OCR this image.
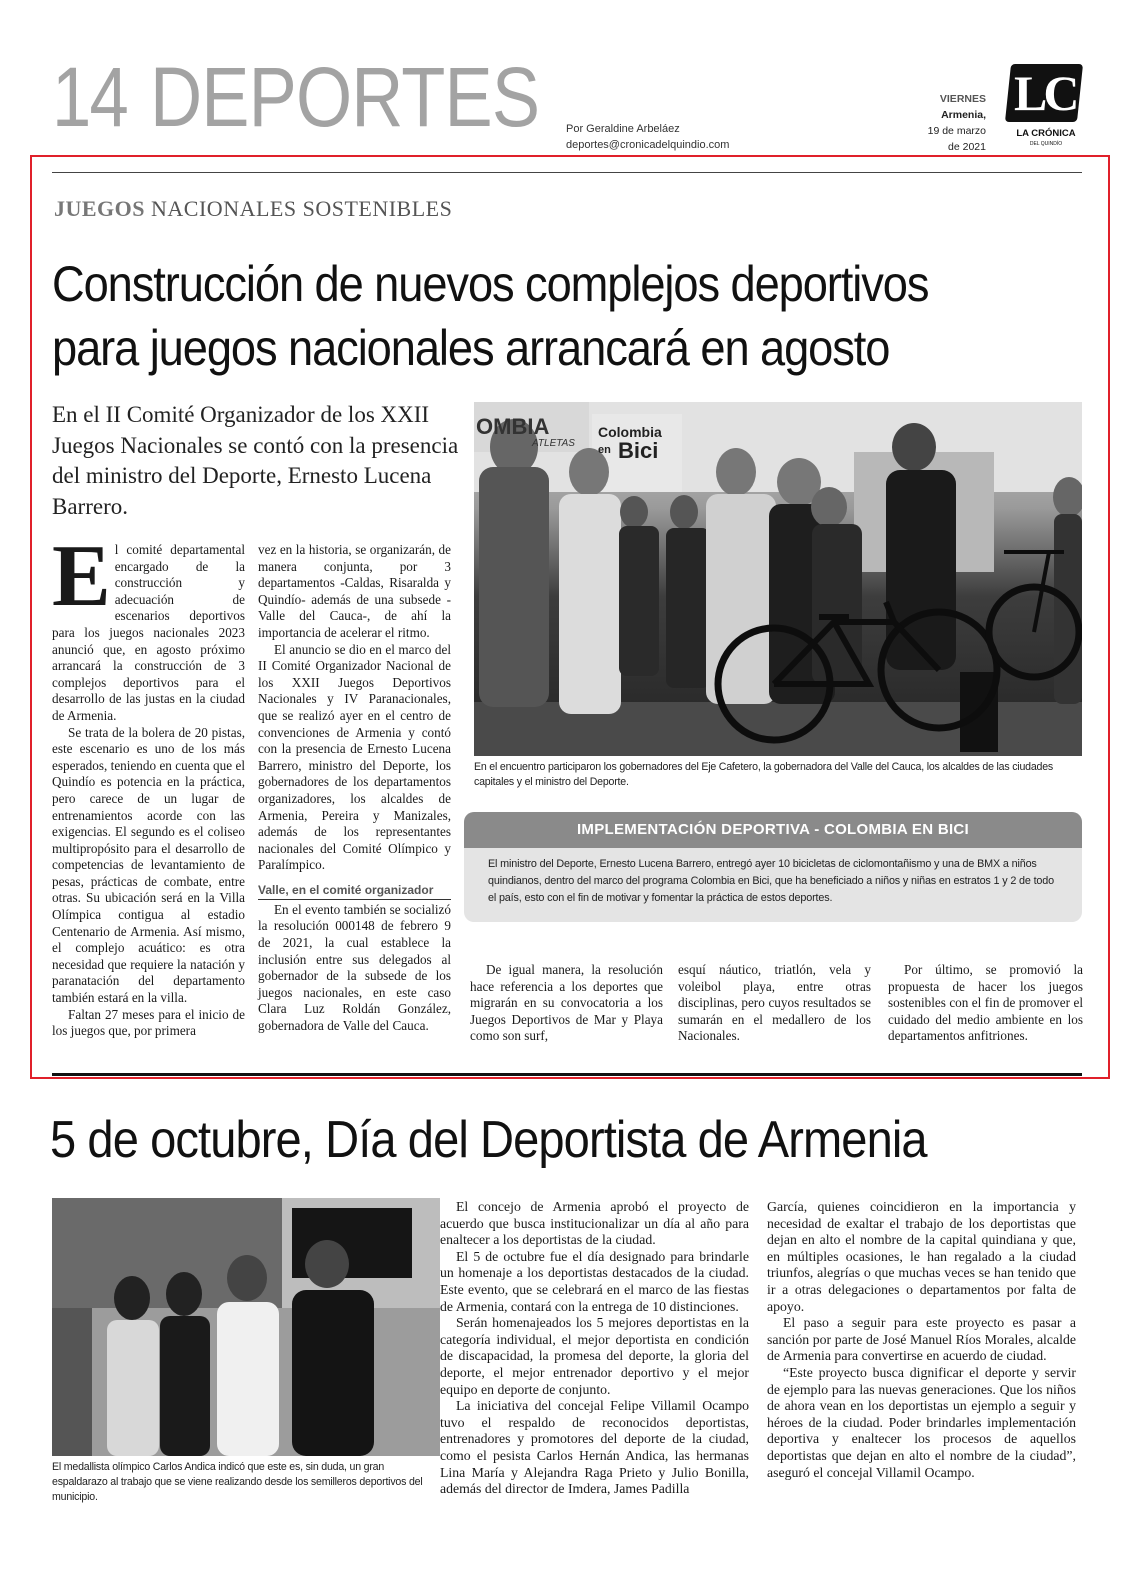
14 DEPORTES Por Geraldine Arbeláez
deportes@cronicadelquindio.com
VIERNES
Armenia,
19 de marzo
de 2021
LC
LA CRÓNICA
DEL QUINDÍO
JUEGOS NACIONALES SOSTENIBLES
Construcción de nuevos complejos deportivos
para juegos nacionales arrancará en agosto
En el II Comité Organizador de los XXII Juegos Nacionales se contó con la presencia del ministro del Deporte, Ernesto Lucena Barrero.
E l comité departamental encargado de la construcción y adecuación de escenarios deportivos para los juegos nacionales 2023 anunció que, en agosto próximo arrancará la construcción de 3 complejos deportivos para el desarrollo de las justas en la ciudad de Armenia.

Se trata de la bolera de 20 pistas, este escenario es uno de los más esperados, teniendo en cuenta que el Quindío es potencia en la práctica, pero carece de un lugar de entrenamientos acorde con las exigencias. El segundo es el coliseo multipropósito para el desarrollo de competencias de levantamiento de pesas, prácticas de combate, entre otras. Su ubicación será en la Villa Olímpica contigua al estadio Centenario de Armenia. Así mismo, el complejo acuático: es otra necesidad que requiere la natación y paranatación del departamento también estará en la villa.

Faltan 27 meses para el inicio de los juegos que, por primera

vez en la historia, se organizarán, de manera conjunta, por 3 departamentos -Caldas, Risaralda y Quindío- además de una subsede -Valle del Cauca-, de ahí la importancia de acelerar el ritmo.

El anuncio se dio en el marco del II Comité Organizador Nacional de los XXII Juegos Deportivos Nacionales y IV Paranacionales, que se realizó ayer en el centro de convenciones de Armenia y contó con la presencia de Ernesto Lucena Barrero, ministro del Deporte, los gobernadores de los departamentos organizadores, los alcaldes de Armenia, Pereira y Manizales, además de los representantes nacionales del Comité Olímpico y Paralímpico.

Valle, en el comité organizador

En el evento también se socializó la resolución 000148 de febrero 9 de 2021, la cual establece la inclusión entre sus delegados al gobernador de la subsede de los juegos nacionales, en este caso Clara Luz Roldán González, gobernadora de Valle del Cauca.

OMBIA
ATLETAS
Colombia
en Bici

En el encuentro participaron los gobernadores del Eje Cafetero, la gobernadora del Valle del Cauca, los alcaldes de las ciudades capitales y el ministro del Deporte.

IMPLEMENTACIÓN DEPORTIVA - COLOMBIA EN BICI

El ministro del Deporte, Ernesto Lucena Barrero, entregó ayer 10 bicicletas de ciclomontañismo y una de BMX a niños quindianos, dentro del marco del programa Colombia en Bici, que ha beneficiado a niños y niñas en estratos 1 y 2 de todo el país, esto con el fin de motivar y fomentar la práctica de estos deportes.

De igual manera, la resolución hace referencia a los deportes que migrarán en su convocatoria a los Juegos Deportivos de Mar y Playa como son surf,

esquí náutico, triatlón, vela y voleibol playa, entre otras disciplinas, pero cuyos resultados se sumarán en el medallero de los Nacionales.

Por último, se promovió la propuesta de hacer los juegos sostenibles con el fin de promover el cuidado del medio ambiente en los departamentos anfitriones.

5 de octubre, Día del Deportista de Armenia

El medallista olímpico Carlos Andica indicó que este es, sin duda, un gran espaldarazo al trabajo que se viene realizando desde los semilleros deportivos del municipio.

El concejo de Armenia aprobó el proyecto de acuerdo que busca institucionalizar un día al año para enaltecer a los deportistas de la ciudad.

El 5 de octubre fue el día designado para brindarle un homenaje a los deportistas destacados de la ciudad. Este evento, que se celebrará en el marco de las fiestas de Armenia, contará con la entrega de 10 distinciones.

Serán homenajeados los 5 mejores deportistas en la categoría individual, el mejor deportista en condición de discapacidad, la promesa del deporte, la gloria del deporte, el mejor entrenador deportivo y el mejor equipo en deporte de conjunto.

La iniciativa del concejal Felipe Villamil Ocampo tuvo el respaldo de reconocidos deportistas, entrenadores y promotores del deporte de la ciudad, como el pesista Carlos Hernán Andica, las hermanas Lina María y Alejandra Raga Prieto y Julio Bonilla, además del director de Imdera, James Padilla

García, quienes coincidieron en la importancia y necesidad de exaltar el trabajo de los deportistas que dejan en alto el nombre de la capital quindiana y que, en múltiples ocasiones, le han regalado a la ciudad triunfos, alegrías o que muchas veces se han tenido que ir a otras delegaciones o departamentos por falta de apoyo.

El paso a seguir para este proyecto es pasar a sanción por parte de José Manuel Ríos Morales, alcalde de Armenia para convertirse en acuerdo de ciudad.

“Este proyecto busca dignificar el deporte y servir de ejemplo para las nuevas generaciones. Que los niños de ahora vean en los deportistas un ejemplo a seguir y héroes de la ciudad. Poder brindarles implementación deportiva y enaltecer los procesos de aquellos deportistas que dejan en alto el nombre de la ciudad”, aseguró el concejal Villamil Ocampo.
